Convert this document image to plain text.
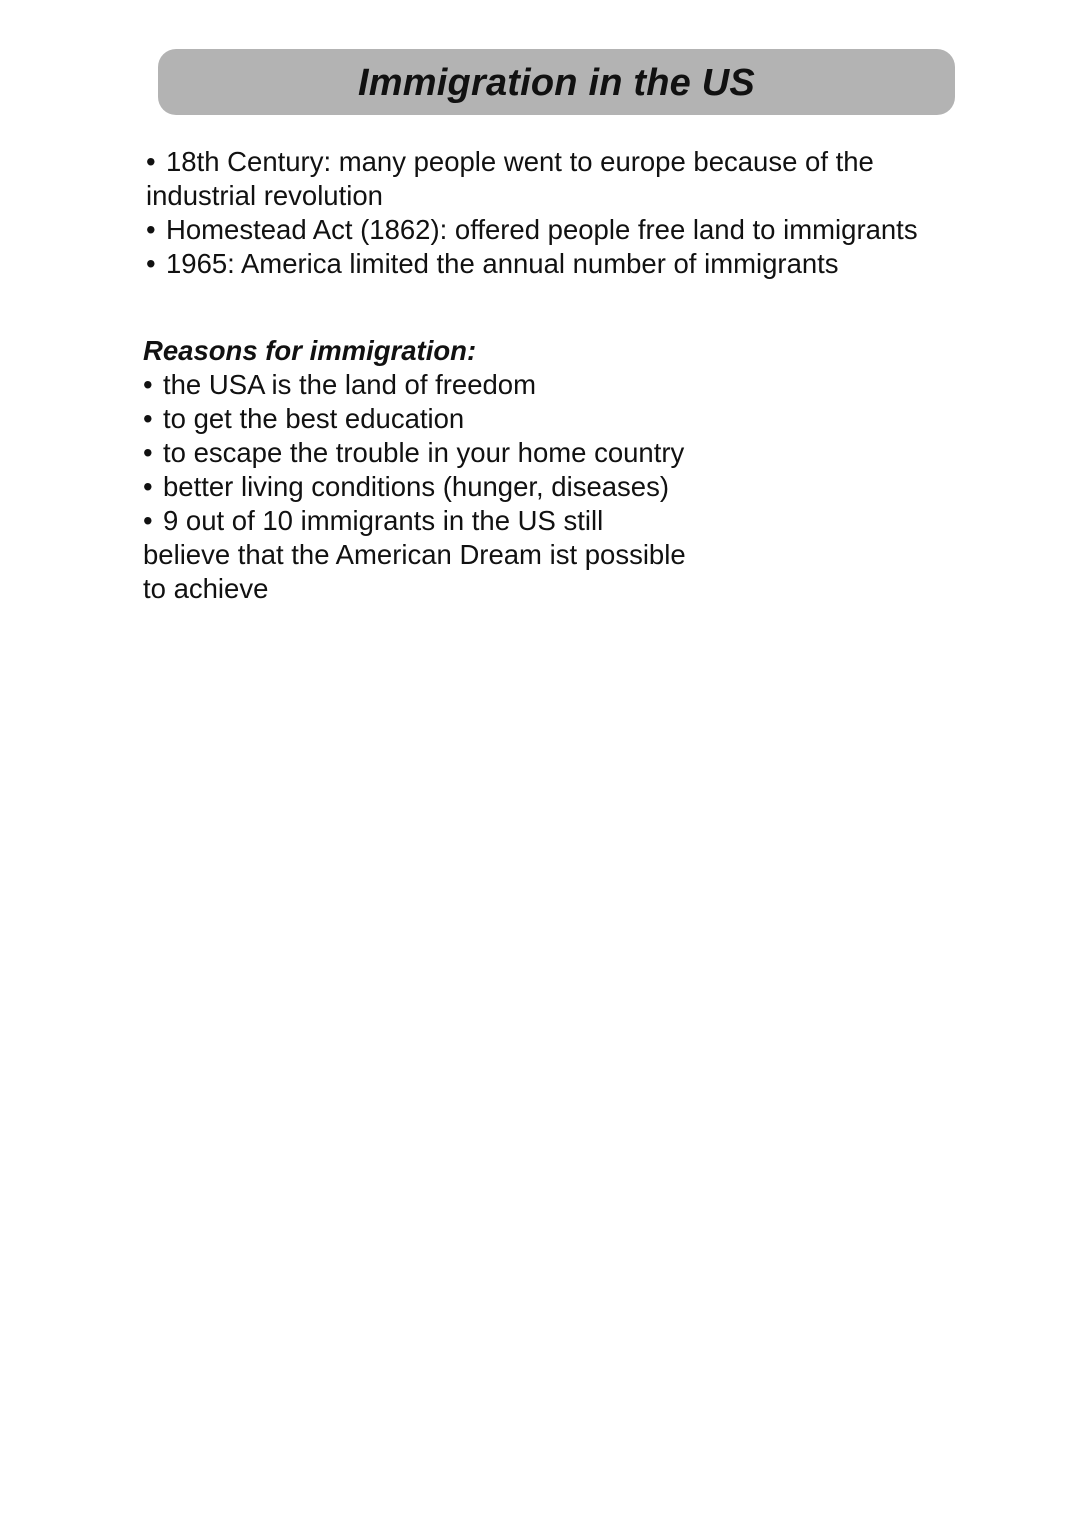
Immigration in the US
• 18th Century: many people went to europe because of the
industrial revolution
• Homestead Act (1862): offered people free land to immigrants
• 1965: America limited the annual number of immigrants
Reasons for immigration:
• the USA is the land of freedom
• to get the best education
• to escape the trouble in your home country
• better living conditions (hunger, diseases)
• 9 out of 10 immigrants in the US still
believe that the American Dream ist possible
to achieve
